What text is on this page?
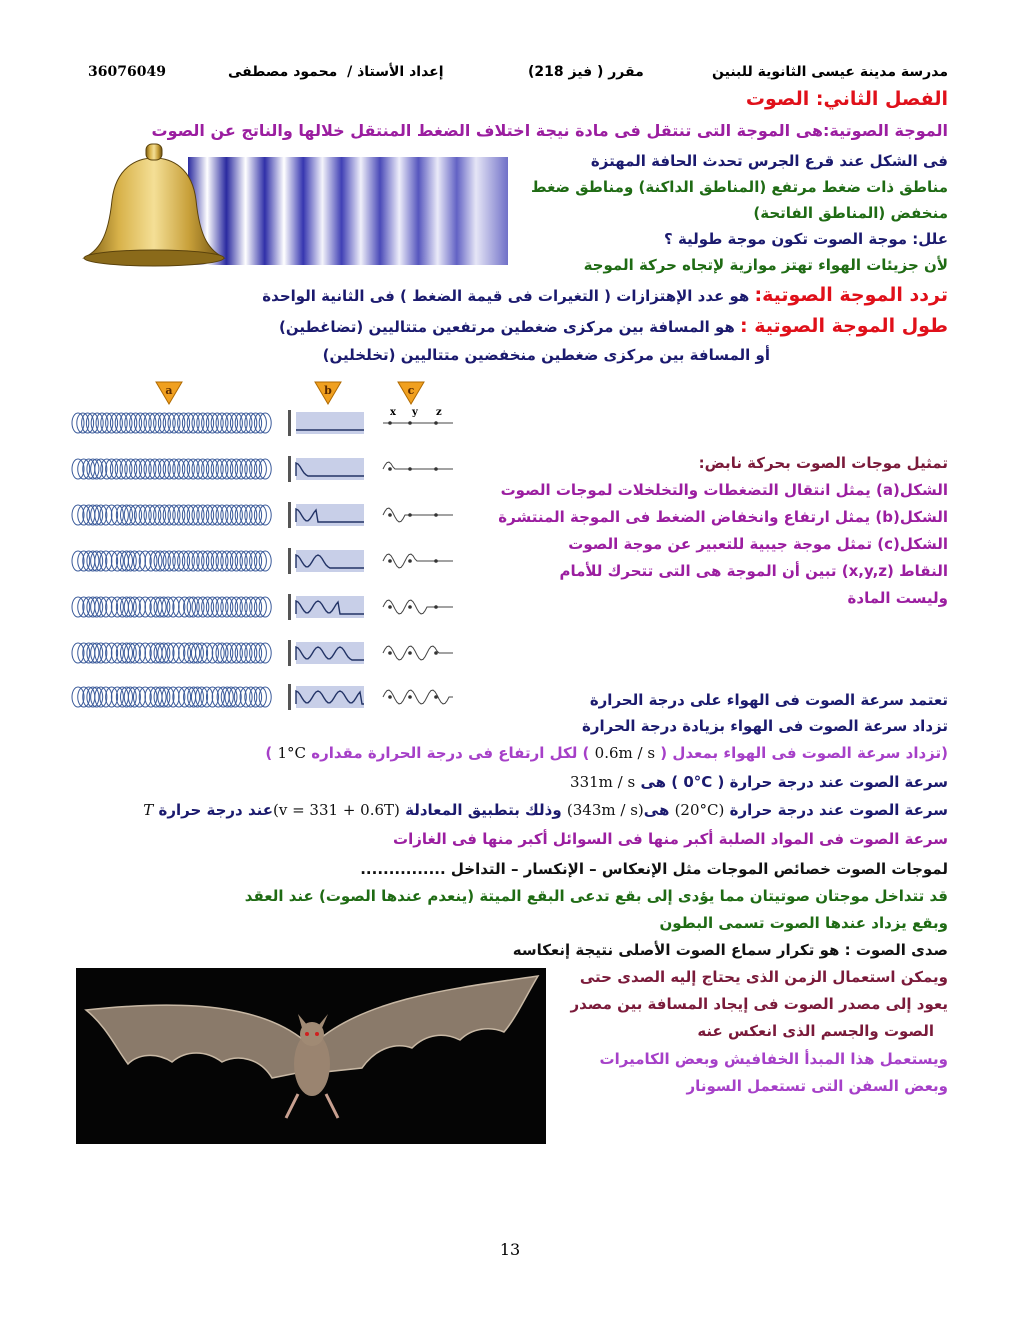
مدرسة مدينة عيسى الثانوية للبنين
مقرر ( فيز 218)
إعداد الأستاذ /  محمود مصطفى
36076049
الفصل الثاني: الصوت
الموجة الصوتية:هى الموجة التى تنتقل فى مادة نيجة اختلاف الضغط المنتقل خلالها والناتج عن الصوت
فى الشكل عند قرع الجرس تحدث الحافة المهتزة
مناطق ذات ضغط مرتفع (المناطق الداكنة) ومناطق ضغط
منخفض (المناطق الفاتحة)
علل: موجة الصوت تكون موجة طولية ؟
لأن جزيئات الهواء تهتز موازية لإتجاه حركة الموجة
تردد الموجة الصوتية: هو عدد الإهتزازات ( التغيرات فى قيمة الضغط ) فى الثانية الواحدة
طول الموجة الصوتية : هو المسافة بين مركزى ضغطين مرتفعين متتاليين (تضاغطين)
أو المسافة بين مركزى ضغطين منخفضين متتاليين (تخلخلين)
a	b	c
x y z
تمثيل موجات الصوت بحركة نابض:
الشكل(a) يمثل انتقال التضغطات والتخلخلات لموجات الصوت
الشكل(b) يمثل ارتفاع وانخفاض الضغط فى الموجة المنتشرة
الشكل(c) تمثل موجة جيبية للتعبير عن موجة الصوت
النقاط (x,y,z) تبين أن الموجة هى التى تتحرك للأمام
وليست المادة
تعتمد سرعة الصوت فى الهواء على درجة الحرارة
تزداد سرعة الصوت فى الهواء بزيادة درجة الحرارة
(تزداد سرعة الصوت فى الهواء بمعدل ( 0.6m / s ) لكل ارتفاع فى درجة الحرارة مقداره 1°C )
سرعة الصوت عند درجة حرارة ( 0°C ) هى 331m / s
سرعة الصوت عند درجة حرارة (20°C) هى(343m / s) وذلك بتطبيق المعادلة (v = 331 + 0.6T)عند درجة حرارة T
سرعة الصوت فى المواد الصلبة أكبر منها فى السوائل أكبر منها فى الغازات
لموجات الصوت خصائص الموجات مثل الإنعكاس – الإنكسار – التداخل ...............
قد تتداخل موجتان صوتيتان مما يؤدى إلى بقع تدعى البقع الميتة (ينعدم عندها الصوت) عند العقد
وبقع يزداد عندها الصوت تسمى البطون
صدى الصوت : هو تكرار سماع الصوت الأصلى نتيجة إنعكاسه
ويمكن استعمال الزمن الذى يحتاج إليه الصدى حتى
يعود إلى مصدر الصوت فى إيجاد المسافة بين مصدر
الصوت والجسم الذى انعكس عنه
ويستعمل هذا المبدأ الخفافيش وبعض الكاميرات
وبعض السفن التى تستعمل السونار
13
